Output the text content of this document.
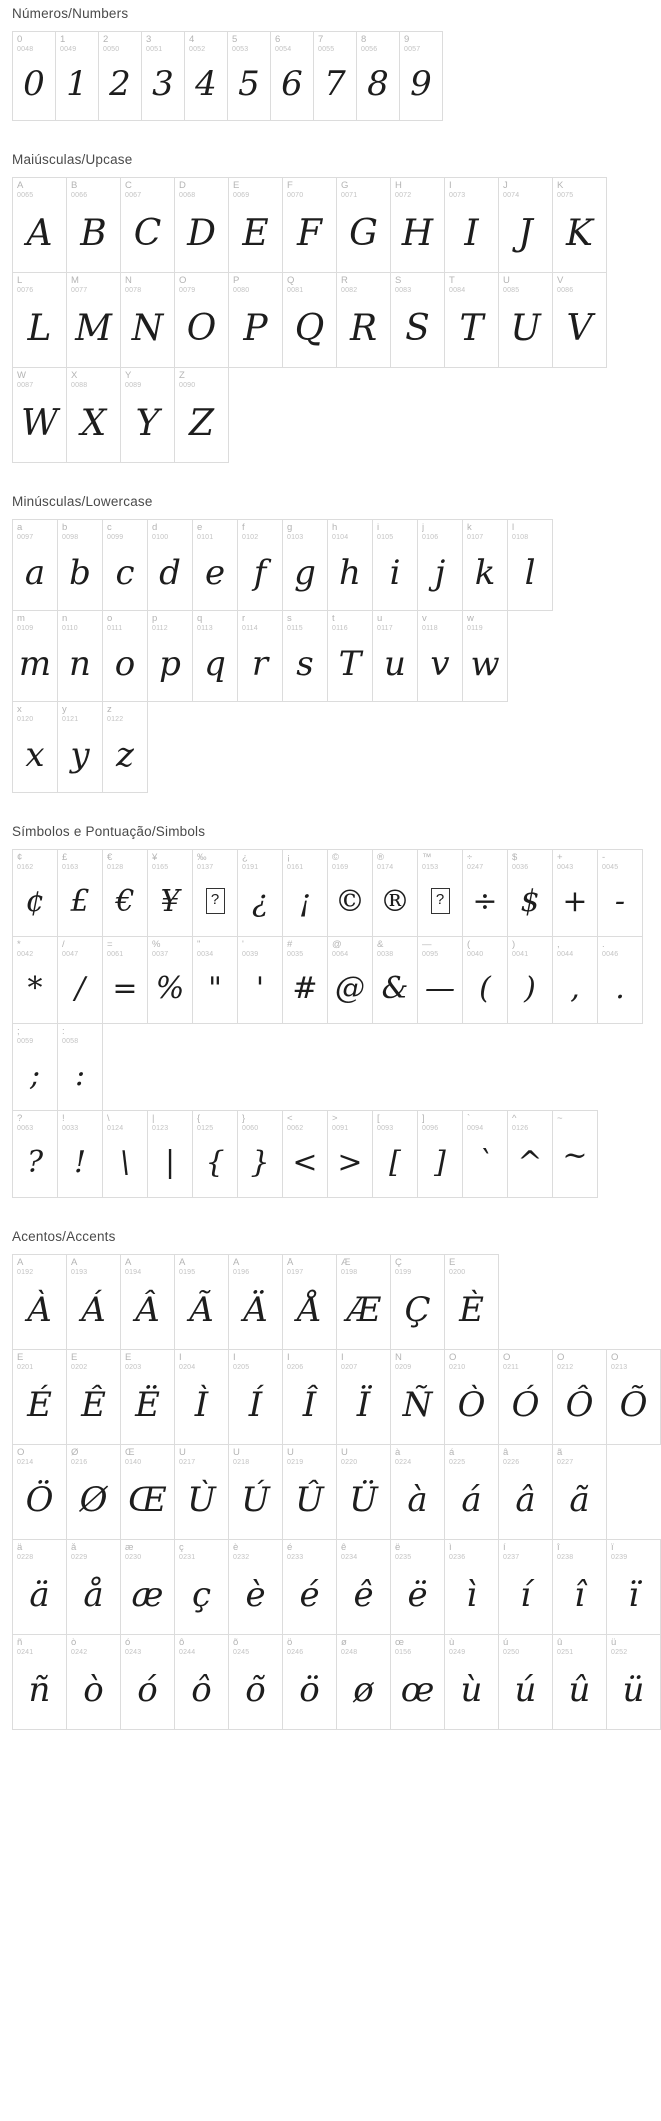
Números/Numbers
0
0048
0
1
0049
1
2
0050
2
3
0051
3
4
0052
4
5
0053
5
6
0054
6
7
0055
7
8
0056
8
9
0057
9
Maiúsculas/Upcase
A
0065
A
B
0066
B
C
0067
C
D
0068
D
E
0069
E
F
0070
F
G
0071
G
H
0072
H
I
0073
I
J
0074
J
K
0075
K
L
0076
L
M
0077
M
N
0078
N
O
0079
O
P
0080
P
Q
0081
Q
R
0082
R
S
0083
S
T
0084
T
U
0085
U
V
0086
V
W
0087
W
X
0088
X
Y
0089
Y
Z
0090
Z
Minúsculas/Lowercase
a
0097
a
b
0098
b
c
0099
c
d
0100
d
e
0101
e
f
0102
f
g
0103
g
h
0104
h
i
0105
i
j
0106
j
k
0107
k
l
0108
l
m
0109
m
n
0110
n
o
0111
o
p
0112
p
q
0113
q
r
0114
r
s
0115
s
t
0116
T
u
0117
u
v
0118
v
w
0119
w
x
0120
x
y
0121
y
z
0122
z
Símbolos e Pontuação/Simbols
¢
0162
¢
£
0163
£
€
0128
€
¥
0165
¥
‰
0137
?
¿
0191
¿
¡
0161
¡
©
0169
©
®
0174
®
™
0153
?
÷
0247
÷
$
0036
$
+
0043
+
-
0045
-
*
0042
*
/
0047
/
=
0061
=
%
0037
%
"
0034
"
'
0039
'
#
0035
#
@
0064
@
&
0038
&
—
0095
—
(
0040
(
)
0041
)
,
0044
,
.
0046
.
;
0059
;
:
0058
:
?
0063
?
!
0033
!
\
0124
\
|
0123
|
{
0125
{
}
0060
}
<
0062
<
>
0091
>
[
0093
[
]
0096
]
`
0094
`
^
0126
^
~
~
Acentos/Accents
À
0192
À
Á
0193
Á
Â
0194
Â
Ã
0195
Ã
Ä
0196
Ä
Å
0197
Å
Æ
0198
Æ
Ç
0199
Ç
È
0200
È
É
0201
É
Ê
0202
Ê
Ë
0203
Ë
Ì
0204
Ì
Í
0205
Í
Î
0206
Î
Ï
0207
Ï
Ñ
0209
Ñ
Ò
0210
Ò
Ó
0211
Ó
Ô
0212
Ô
Õ
0213
Õ
Ö
0214
Ö
Ø
0216
Ø
Œ
0140
Œ
Ù
0217
Ù
Ú
0218
Ú
Û
0219
Û
Ü
0220
Ü
à
0224
à
á
0225
á
â
0226
â
ã
0227
ã
ä
0228
ä
å
0229
å
æ
0230
æ
ç
0231
ç
è
0232
è
é
0233
é
ê
0234
ê
ë
0235
ë
ì
0236
ì
í
0237
í
î
0238
î
ï
0239
ï
ñ
0241
ñ
ò
0242
ò
ó
0243
ó
ô
0244
ô
õ
0245
õ
ö
0246
ö
ø
0248
ø
œ
0156
œ
ù
0249
ù
ú
0250
ú
û
0251
û
ü
0252
ü
